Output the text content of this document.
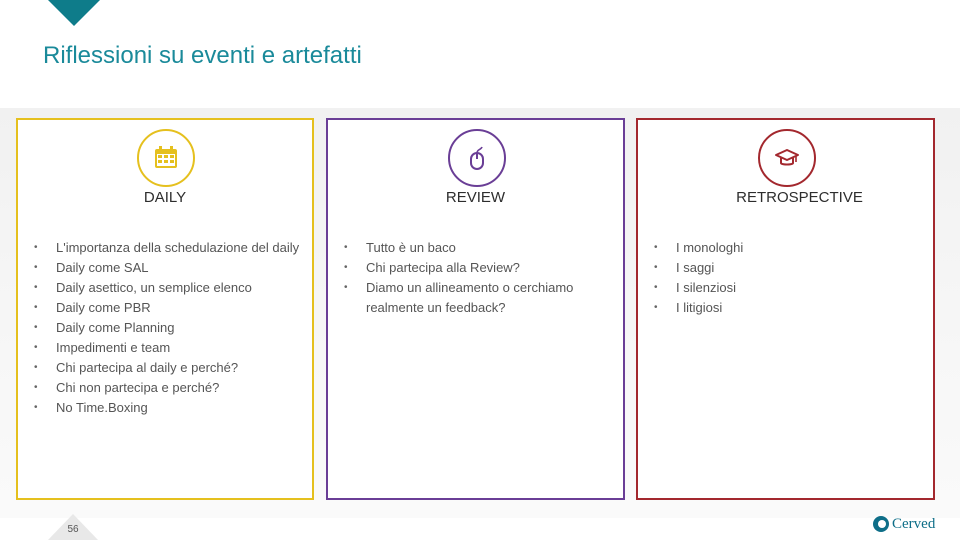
Riflessioni su eventi e artefatti
DAILY
• L'importanza della schedulazione del daily
• Daily come SAL
• Daily asettico, un semplice elenco
• Daily come PBR
• Daily come Planning
• Impedimenti e team
• Chi partecipa al daily e perché?
• Chi non partecipa e perché?
• No Time.Boxing
REVIEW
• Tutto è un baco
• Chi partecipa alla Review?
• Diamo un allineamento o cerchiamo realmente un feedback?
RETROSPECTIVE
• I monologhi
• I saggi
• I silenziosi
• I litigiosi
56	Cerved
